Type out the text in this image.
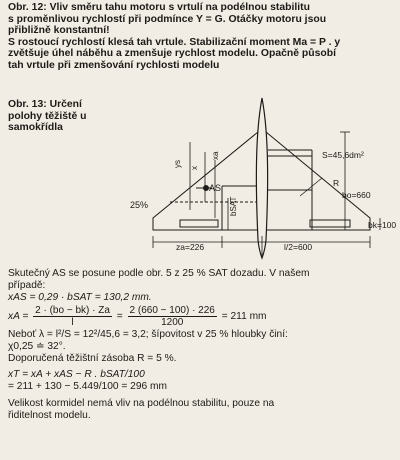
Obr. 12: Vliv směru tahu motoru s vrtulí na podélnou stabilitu
s proměnlivou rychlostí při podmínce Y = G. Otáčky motoru jsou
přibližně konstantní!
S rostoucí rychlostí klesá tah vrtule. Stabilizační moment Ma = P . y
zvětšuje úhel náběhu a zmenšuje rychlost modelu. Opačně působí
tah vrtule při zmenšování rychlosti modelu
Obr. 13: Určení
polohy těžiště u
samokřídla
S=45,6dm²
ys x
AS	R
bo=660
bk=100
25%	bSAT
za=226	l/2=600
xa
Skutečný AS se posune podle obr. 5 z 25 % SAT dozadu. V našem
případě:
xAS = 0,29 · bSAT = 130,2 mm.
xA = $\frac{2 \cdot (bo - bk) \cdot Za}{l} = \frac{2 (660 - 100) \cdot 226}{1200} = 211$ mm
Neboť λ = l²/S = 12²/45,6 = 3,2; šípovitost v 25 % hloubky činí:
χ0,25 ≐ 32°.
Doporučená těžištní zásoba R = 5 %.
xT = xA + xAS − R . bSAT/100
= 211 + 130 − 5.449/100 = 296 mm
Velikost kormidel nemá vliv na podélnou stabilitu, pouze na
řiditelnost modelu.
